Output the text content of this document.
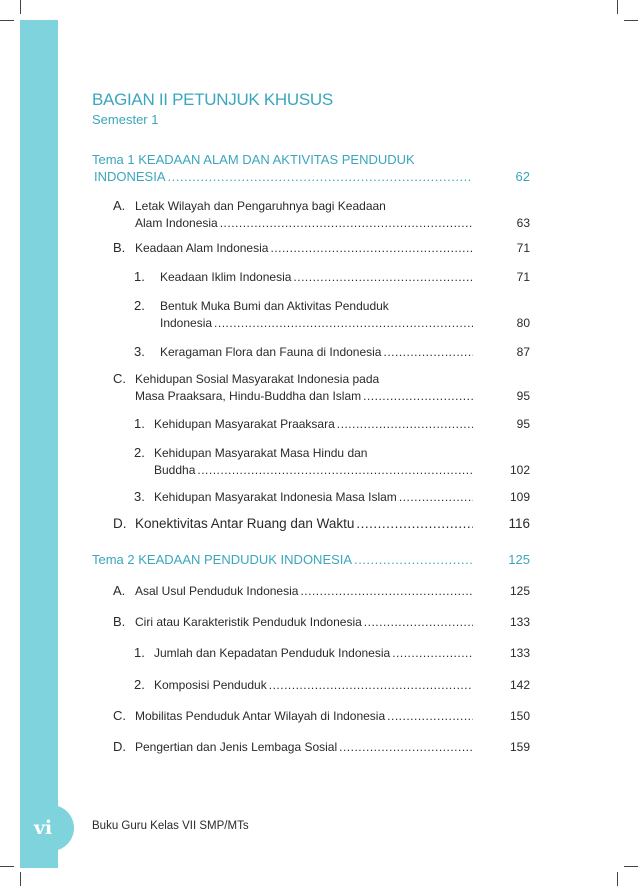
BAGIAN II PETUNJUK KHUSUS
Semester 1
Tema 1 KEADAAN ALAM DAN AKTIVITAS PENDUDUK
INDONESIA .....	62
A. Letak Wilayah dan Pengaruhnya bagi Keadaan
Alam Indonesia .....	63
B. Keadaan Alam Indonesia .....	71
1. Keadaan Iklim Indonesia .....	71
2. Bentuk Muka Bumi dan Aktivitas Penduduk
Indonesia .....	80
3. Keragaman Flora dan Fauna di Indonesia .....	87
C. Kehidupan Sosial Masyarakat Indonesia pada
Masa Praaksara, Hindu-Buddha dan Islam .....	95
1. Kehidupan Masyarakat Praaksara .....	95
2. Kehidupan Masyarakat Masa Hindu dan
Buddha .....	102
3. Kehidupan Masyarakat Indonesia Masa Islam .....	109
D. Konektivitas Antar Ruang dan Waktu .....	116
Tema 2 KEADAAN PENDUDUK INDONESIA .....	125
A. Asal Usul Penduduk Indonesia .....	125
B. Ciri atau Karakteristik Penduduk Indonesia .....	133
1. Jumlah dan Kepadatan Penduduk Indonesia .....	133
2. Komposisi Penduduk .....	142
C. Mobilitas Penduduk Antar Wilayah di Indonesia .....	150
D. Pengertian dan Jenis Lembaga Sosial .....	159
vi	Buku Guru Kelas VII SMP/MTs
